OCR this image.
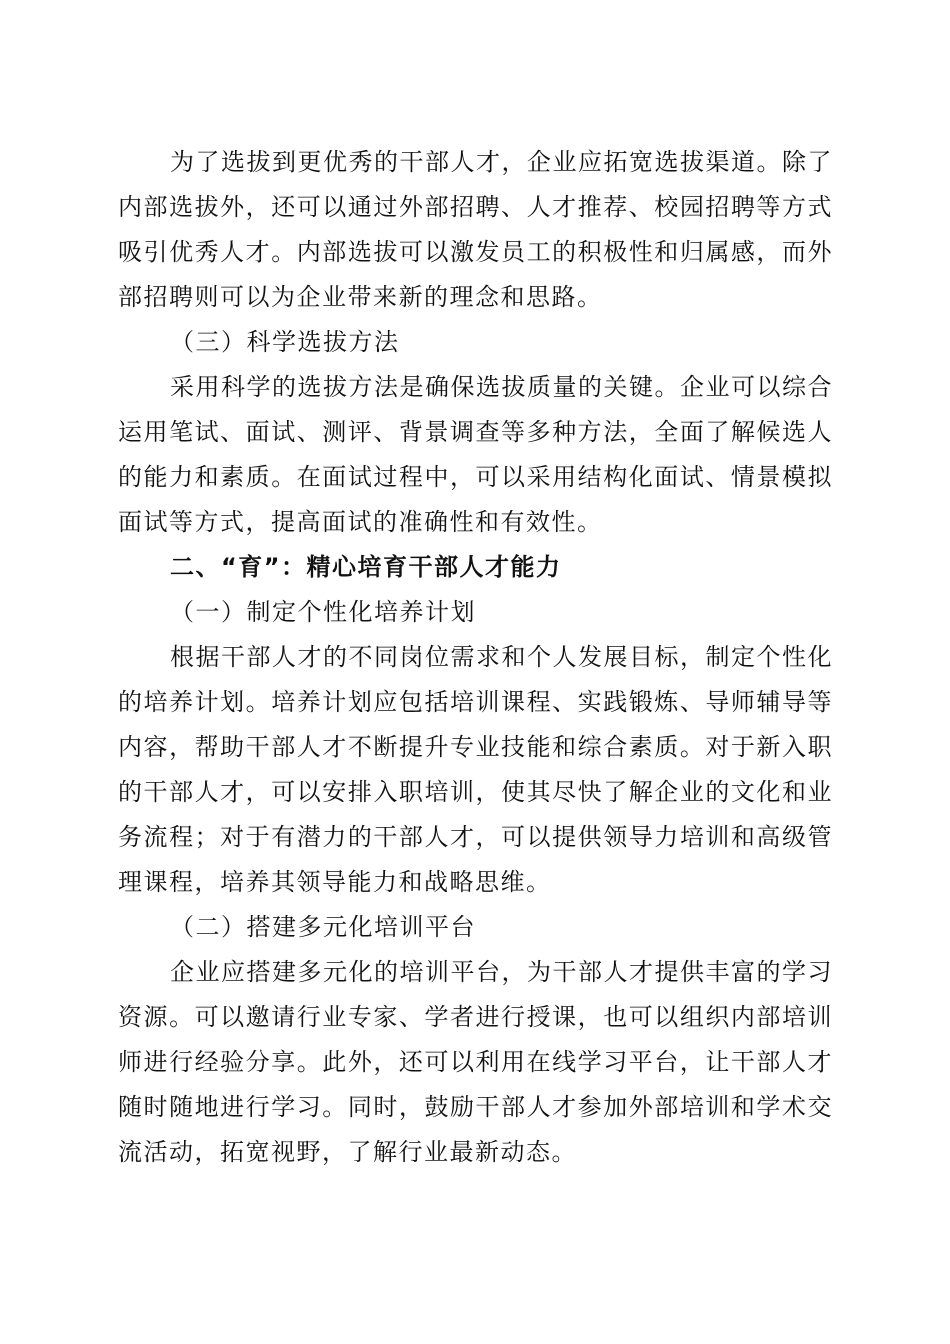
为了选拔到更优秀的干部人才，企业应拓宽选拔渠道。除了内部选拔外，还可以通过外部招聘、人才推荐、校园招聘等方式吸引优秀人才。内部选拔可以激发员工的积极性和归属感，而外部招聘则可以为企业带来新的理念和思路。

（三）科学选拔方法

采用科学的选拔方法是确保选拔质量的关键。企业可以综合运用笔试、面试、测评、背景调查等多种方法，全面了解候选人的能力和素质。在面试过程中，可以采用结构化面试、情景模拟面试等方式，提高面试的准确性和有效性。

二、“育”：精心培育干部人才能力

（一）制定个性化培养计划

根据干部人才的不同岗位需求和个人发展目标，制定个性化的培养计划。培养计划应包括培训课程、实践锻炼、导师辅导等内容，帮助干部人才不断提升专业技能和综合素质。对于新入职的干部人才，可以安排入职培训，使其尽快了解企业的文化和业务流程；对于有潜力的干部人才，可以提供领导力培训和高级管理课程，培养其领导能力和战略思维。

（二）搭建多元化培训平台

企业应搭建多元化的培训平台，为干部人才提供丰富的学习资源。可以邀请行业专家、学者进行授课，也可以组织内部培训师进行经验分享。此外，还可以利用在线学习平台，让干部人才随时随地进行学习。同时，鼓励干部人才参加外部培训和学术交流活动，拓宽视野，了解行业最新动态。
